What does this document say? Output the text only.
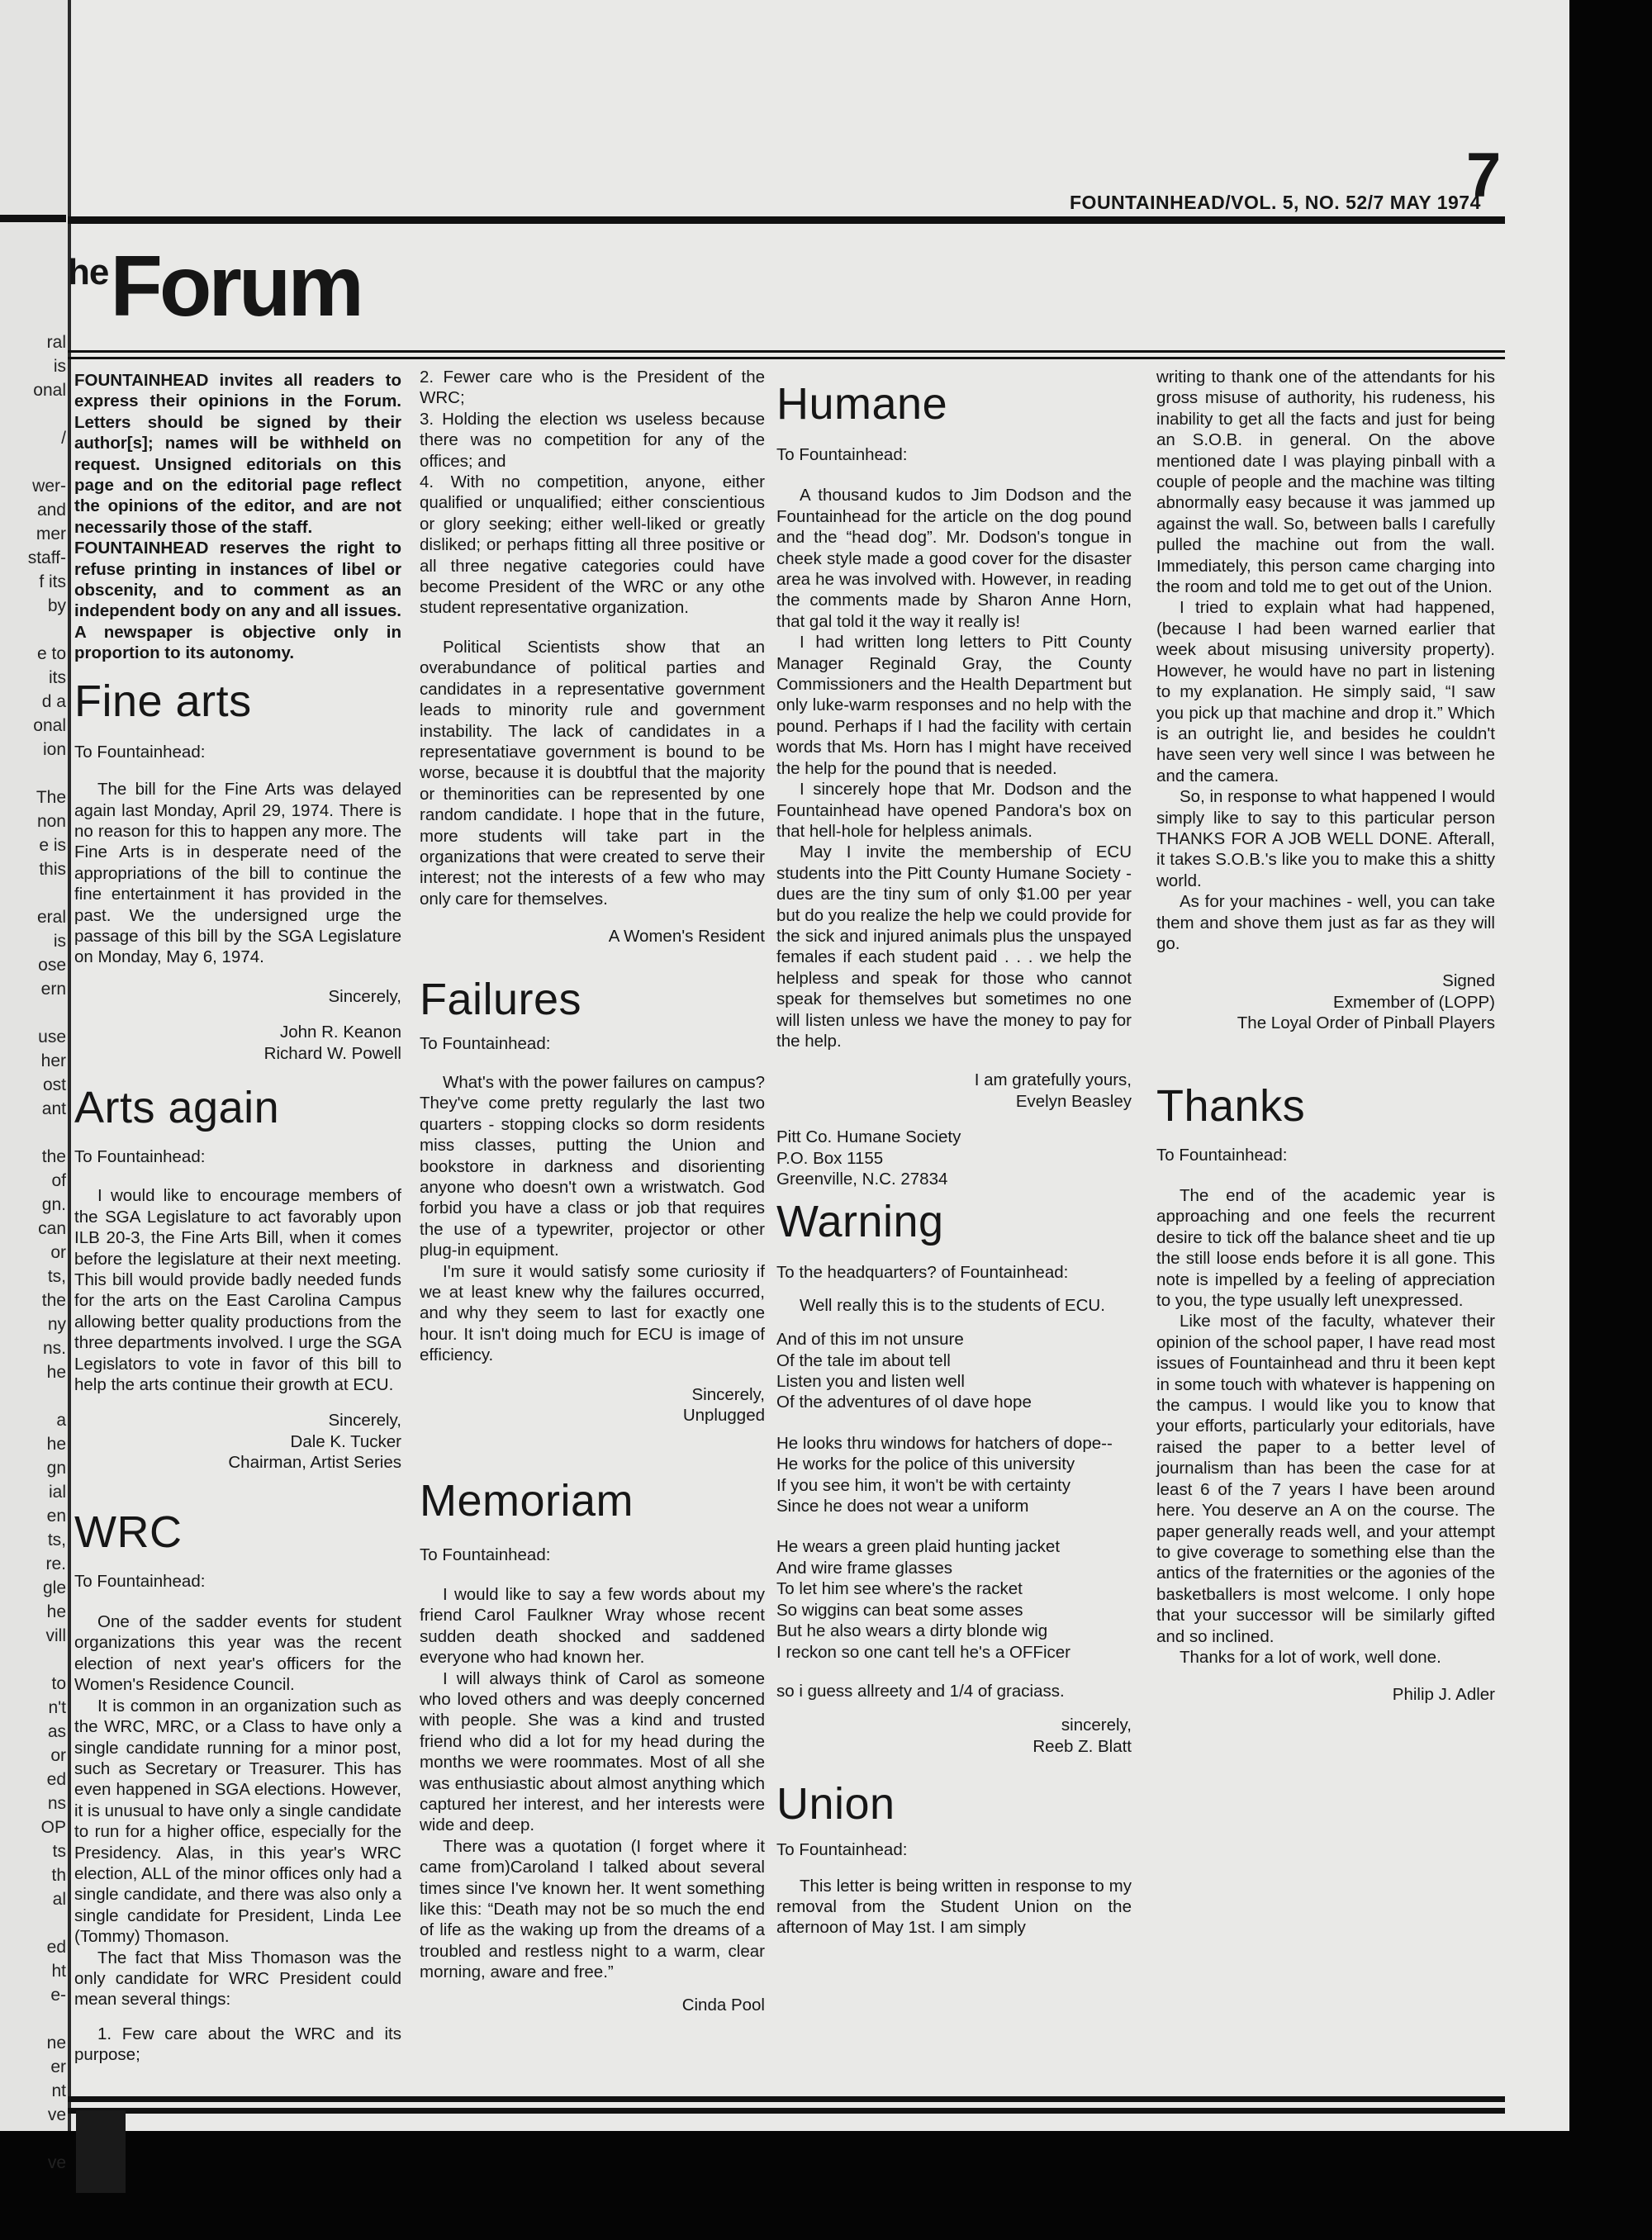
ral
is
onal

/

wer-
and
mer
staff-
f its
by

e to
its
d a
onal
ion

The
non
e is
this

eral
is
ose
ern

use
her
ost
ant

the
of
gn.
can
or
ts,
the
ny
ns.
he

a
he
gn
ial
en
ts,
re.
gle
he
vill

to
n't
as
or
ed
ns
OP
ts
th
al

ed
ht
e-

ne
er
nt
ve

ve
FOUNTAINHEAD/VOL. 5, NO. 52/7 MAY 1974
7
$^{he}$Forum

FOUNTAINHEAD invites all readers to express their opinions in the Forum. Letters should be signed by their author[s]; names will be withheld on request. Unsigned editorials on this page and on the editorial page reflect the opinions of the editor, and are not necessarily those of the staff.

FOUNTAINHEAD reserves the right to refuse printing in instances of libel or obscenity, and to comment as an independent body on any and all issues. A newspaper is objective only in proportion to its autonomy.

Fine arts

To Fountainhead:

The bill for the Fine Arts was delayed again last Monday, April 29, 1974. There is no reason for this to happen any more. The Fine Arts is in desperate need of the appropriations of the bill to continue the fine entertainment it has provided in the past. We the undersigned urge the passage of this bill by the SGA Legislature on Monday, May 6, 1974.

Sincerely,

John R. Keanon

Richard W. Powell

Arts again

To Fountainhead:

I would like to encourage members of the SGA Legislature to act favorably upon ILB 20-3, the Fine Arts Bill, when it comes before the legislature at their next meeting. This bill would provide badly needed funds for the arts on the East Carolina Campus allowing better quality productions from the three departments involved. I urge the SGA Legislators to vote in favor of this bill to help the arts continue their growth at ECU.

Sincerely,

Dale K. Tucker

Chairman, Artist Series

WRC

To Fountainhead:

One of the sadder events for student organizations this year was the recent election of next year's officers for the Women's Residence Council.

It is common in an organization such as the WRC, MRC, or a Class to have only a single candidate running for a minor post, such as Secretary or Treasurer. This has even happened in SGA elections. However, it is unusual to have only a single candidate to run for a higher office, especially for the Presidency. Alas, in this year's WRC election, ALL of the minor offices only had a single candidate, and there was also only a single candidate for President, Linda Lee (Tommy) Thomason.

The fact that Miss Thomason was the only candidate for WRC President could mean several things:

1. Few care about the WRC and its purpose;

2. Fewer care who is the President of the WRC;

3. Holding the election ws useless because there was no competition for any of the offices; and

4. With no competition, anyone, either qualified or unqualified; either conscientious or glory seeking; either well-liked or greatly disliked; or perhaps fitting all three positive or all three negative categories could have become President of the WRC or any othe student representative organization.

Political Scientists show that an overabundance of political parties and candidates in a representative government leads to minority rule and government instability. The lack of candidates in a representatiave government is bound to be worse, because it is doubtful that the majority or theminorities can be represented by one random candidate. I hope that in the future, more students will take part in the organizations that were created to serve their interest; not the interests of a few who may only care for themselves.

A Women's Resident

Failures

To Fountainhead:

What's with the power failures on campus?They've come pretty regularly the last two quarters - stopping clocks so dorm residents miss classes, putting the Union and bookstore in darkness and disorienting anyone who doesn't own a wristwatch. God forbid you have a class or job that requires the use of a typewriter, projector or other plug-in equipment.

I'm sure it would satisfy some curiosity if we at least knew why the failures occurred, and why they seem to last for exactly one hour. It isn't doing much for ECU is image of efficiency.

Sincerely,

Unplugged

Memoriam

To Fountainhead:

I would like to say a few words about my friend Carol Faulkner Wray whose recent sudden death shocked and saddened everyone who had known her.

I will always think of Carol as someone who loved others and was deeply concerned with people. She was a kind and trusted friend who did a lot for my head during the months we were roommates. Most of all she was enthusiastic about almost anything which captured her interest, and her interests were wide and deep.

There was a quotation (I forget where it came from)Caroland I talked about several times since I've known her. It went something like this: “Death may not be so much the end of life as the waking up from the dreams of a troubled and restless night to a warm, clear morning, aware and free.”

Cinda Pool

Humane

To Fountainhead:

A thousand kudos to Jim Dodson and the Fountainhead for the article on the dog pound and the “head dog”. Mr. Dodson's tongue in cheek style made a good cover for the disaster area he was involved with. However, in reading the comments made by Sharon Anne Horn, that gal told it the way it really is!

I had written long letters to Pitt County Manager Reginald Gray, the County Commissioners and the Health Department but only luke-warm responses and no help with the pound. Perhaps if I had the facility with certain words that Ms. Horn has I might have received the help for the pound that is needed.

I sincerely hope that Mr. Dodson and the Fountainhead have opened Pandora's box on that hell-hole for helpless animals.

May I invite the membership of ECU students into the Pitt County Humane Society - dues are the tiny sum of only $1.00 per year but do you realize the help we could provide for the sick and injured animals plus the unspayed females if each student paid . . . we help the helpless and speak for those who cannot speak for themselves but sometimes no one will listen unless we have the money to pay for the help.

I am gratefully yours,

Evelyn Beasley

Pitt Co. Humane Society

P.O. Box 1155

Greenville, N.C. 27834

Warning

To the headquarters? of Fountainhead:

Well really this is to the students of ECU.

And of this im not unsure

Of the tale im about tell

Listen you and listen well

Of the adventures of ol dave hope

He looks thru windows for hatchers of dope--

He works for the police of this university

If you see him, it won't be with certainty

Since he does not wear a uniform

He wears a green plaid hunting jacket

And wire frame glasses

To let him see where's the racket

So wiggins can beat some asses

But he also wears a dirty blonde wig

I reckon so one cant tell he's a OFFicer

so i guess allreety and 1/4 of graciass.

sincerely,

Reeb Z. Blatt

Union

To Fountainhead:

This letter is being written in response to my removal from the Student Union on the afternoon of May 1st. I am simply

writing to thank one of the attendants for his gross misuse of authority, his rudeness, his inability to get all the facts and just for being an S.O.B. in general. On the above mentioned date I was playing pinball with a couple of people and the machine was tilting abnormally easy because it was jammed up against the wall. So, between balls I carefully pulled the machine out from the wall. Immediately, this person came charging into the room and told me to get out of the Union.

I tried to explain what had happened, (because I had been warned earlier that week about misusing university property). However, he would have no part in listening to my explanation. He simply said, “I saw you pick up that machine and drop it.” Which is an outright lie, and besides he couldn't have seen very well since I was between he and the camera.

So, in response to what happened I would simply like to say to this particular person THANKS FOR A JOB WELL DONE. Afterall, it takes S.O.B.'s like you to make this a shitty world.

As for your machines - well, you can take them and shove them just as far as they will go.

Signed

Exmember of (LOPP)

The Loyal Order of Pinball Players

Thanks

To Fountainhead:

The end of the academic year is approaching and one feels the recurrent desire to tick off the balance sheet and tie up the still loose ends before it is all gone. This note is impelled by a feeling of appreciation to you, the type usually left unexpressed.

Like most of the faculty, whatever their opinion of the school paper, I have read most issues of Fountainhead and thru it been kept in some touch with whatever is happening on the campus. I would like you to know that your efforts, particularly your editorials, have raised the paper to a better level of journalism than has been the case for at least 6 of the 7 years I have been around here. You deserve an A on the course. The paper generally reads well, and your attempt to give coverage to something else than the antics of the fraternities or the agonies of the basketballers is most welcome. I only hope that your successor will be similarly gifted and so inclined.

Thanks for a lot of work, well done.

Philip J. Adler
